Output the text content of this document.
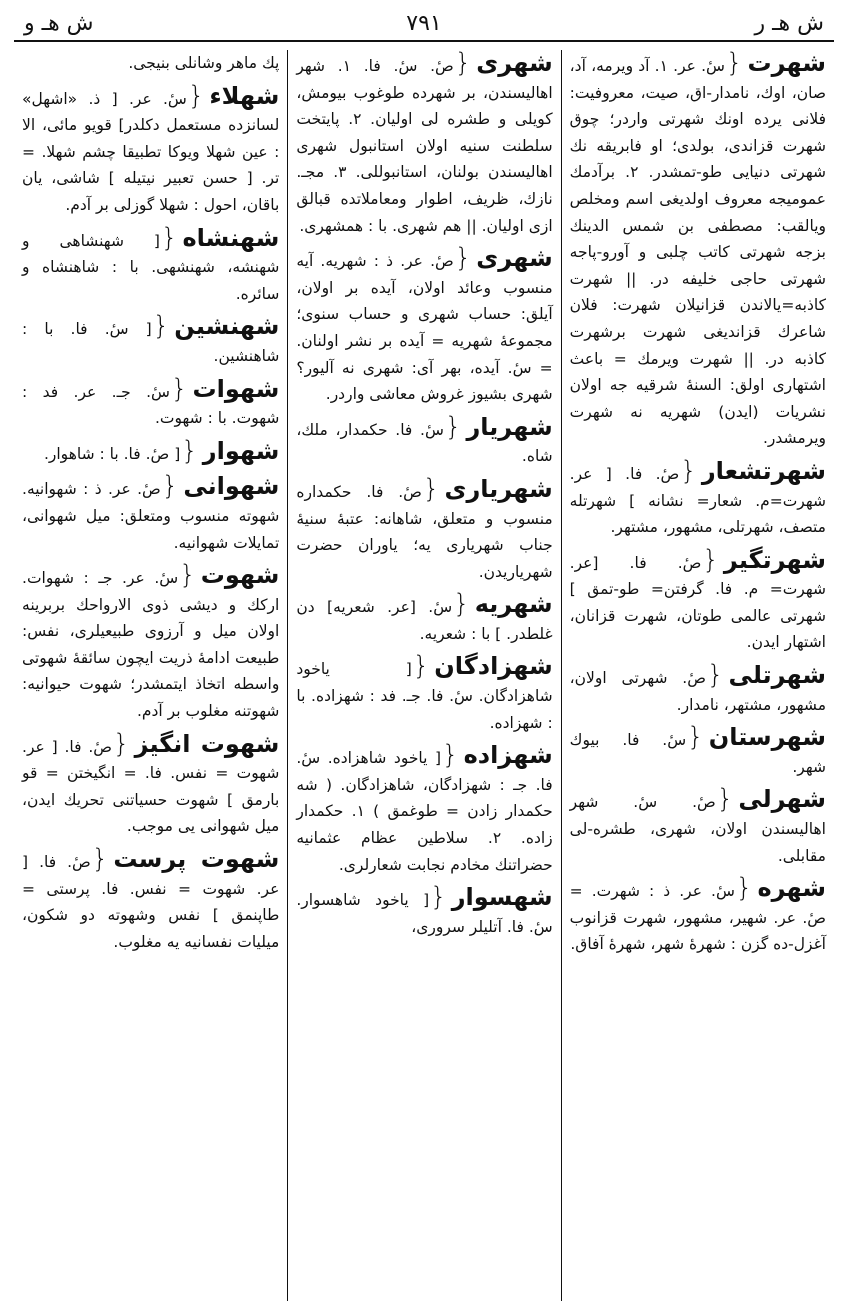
ش هـ ر
۷۹۱
ش هـ و
شهرت{سٔ. عر. ۱. آد ويرمه، آد، صان، اوك، نامدار-اق، صيت، معروفيت: فلانى يرده اونك شهرتى واردر؛ چوق شهرت قزاندى، بولدى؛ او فابريقه نك شهرتى دنيايى طو-تمشدر. ۲. برآدمك عموميجه معروف اولديغى اسم ومخلص ويالقب: مصطفى بن شمس الدينك بزجه شهرتى كاتب چلبى و آورو-پاجه شهرتى حاجى خليفه در. || شهرت كاذبه=يالاندن قزانيلان شهرت: فلان شاعرك قزانديغى شهرت برشهرت كاذبه در. || شهرت ويرمك = باعث اشتهارى اولق: السنهٔ شرقيه جه اولان نشريات (ايدن) شهريه نه شهرت ويرمشدر.
شهرتشعار{صٔ. فا. [ عر. شهرت=م. شعار= نشانه ] شهرتله متصف، شهرتلى، مشهور، مشتهر.
شهرتگير{صٔ. فا. [عر. شهرت= م. فا. گرفتن= طو-تمق ] شهرتى عالمى طوتان، شهرت قزانان، اشتهار ايدن.
شهرتلى{صٔ. شهرتى اولان، مشهور، مشتهر، نامدار.
شهرستان{سٔ. فا. بيوك شهر.
شهرلى{صٔ. سٔ. شهر اهاليسندن اولان، شهرى، طشره-لى مقابلى.
شهره{سٔ. عر. ذ : شهرت. = صٔ. عر. شهير، مشهور، شهرت قزانوب آغزل-ده گزن : شهرهٔ شهر، شهرهٔ آفاق.
شهرى{صٔ. سٔ. فا. ۱. شهر اهاليسندن، بر شهرده طوغوب بيومش، كويلى و طشره لى اوليان. ۲. پايتخت سلطنت سنيه اولان استانبول شهرى اهاليسندن بولنان، استانبوللى. ۳. مجـ. نازك، ظريف، اطوار ومعاملاتده قبالق ازى اوليان. || هم شهرى. با : همشهرى.
شهرى{صٔ. عر. ذ : شهريه. آيه منسوب وعائد اولان، آيده بر اولان، آيلق: حساب شهرى و حساب سنوى؛ مجموعهٔ شهريه = آيده بر نشر اولنان. = سٔ. آيده، بهر آى: شهرى نه آليور؟ شهرى بشيوز غروش معاشى واردر.
شهريار{سٔ. فا. حكمدار، ملك، شاه.
شهريارى{صٔ. فا. حكمداره منسوب و متعلق، شاهانه: عتبهٔ سنيهٔ جناب شهريارى يه؛ ياوران حضرت شهرياريدن.
شهريه{سٔ. [عر. شعريه] دن غلطدر. ] با : شعريه.
شهزادگان{[ ياخود شاهزادگان. سٔ. فا. جـ. فد : شهزاده. با : شهزاده.
شهزاده{[ ياخود شاهزاده. سٔ. فا. جـ : شهزادگان، شاهزادگان. ( شه حكمدار زادن = طوغمق ) ۱. حكمدار زاده. ۲. سلاطين عظام عثمانيه حضراتنك مخادم نجابت شعارلرى.
شهسوار{[ ياخود شاهسوار. سٔ. فا. آتليلر سرورى،
پك ماهر وشانلى بنيجى.
شهلاء{سٔ. عر. [ ذ. «اشهل» لسانزده مستعمل دكلدر] قويو مائى، الا : عين شهلا ويوكا تطبيقا چشم شهلا. = تر. [ حسن تعبير نيتيله ] شاشى، يان باقان، احول : شهلا گوزلى بر آدم.
شهنشاه{[ شهنشاهى و شهنشه، شهنشهى. با : شاهنشاه و سائره.
شهنشين{[ سٔ. فا. با : شاهنشين.
شهوات{سٔ. جـ. عر. فد : شهوت. با : شهوت.
شهوار{[ صٔ. فا. با : شاهوار.
شهوانى{صٔ. عر. ذ : شهوانيه. شهوته منسوب ومتعلق: ميل شهوانى، تمايلات شهوانيه.
شهوت{سٔ. عر. جـ : شهوات. اركك و ديشى ذوى الارواحك بربرينه اولان ميل و آرزوى طبيعيلرى، نفس: طبيعت ادامهٔ ذريت ايچون سائقهٔ شهوتى واسطه اتخاذ ايتمشدر؛ شهوت حيوانيه: شهوتنه مغلوب بر آدم.
شهوت انگيز{صٔ. فا. [ عر. شهوت = نفس. فا. = انگيختن = قو بارمق ] شهوت حسياتنى تحريك ايدن، ميل شهوانى يى موجب.
شهوت پرست{صٔ. فا. [ عر. شهوت = نفس. فا. پرستى = طاپنمق ] نفس وشهوته دو شكون، ميليات نفسانيه يه مغلوب.
